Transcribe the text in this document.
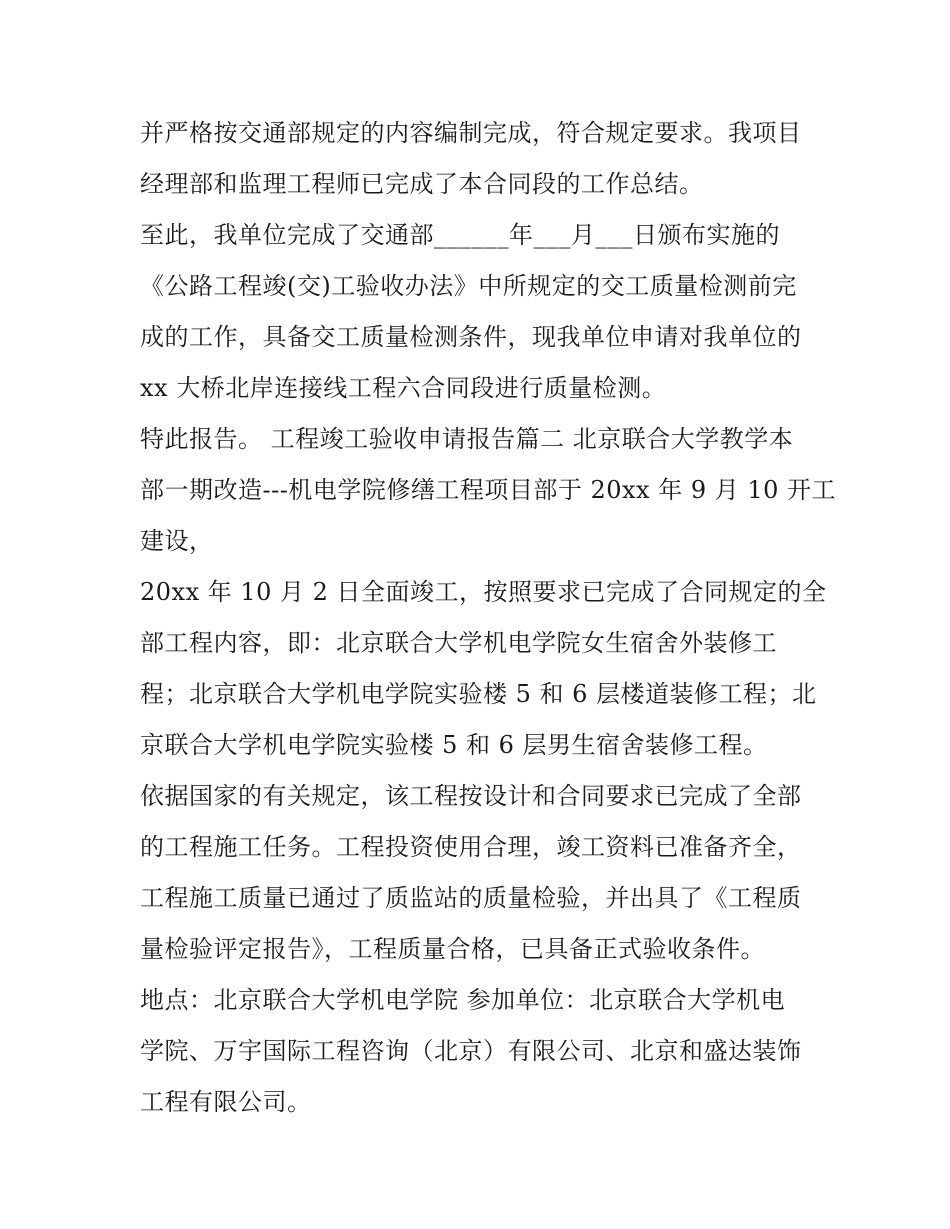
并严格按交通部规定的内容编制完成，符合规定要求。我项目
经理部和监理工程师已完成了本合同段的工作总结。
至此，我单位完成了交通部______年___月___日颁布实施的
《公路工程竣(交)工验收办法》中所规定的交工质量检测前完
成的工作，具备交工质量检测条件，现我单位申请对我单位的
xx 大桥北岸连接线工程六合同段进行质量检测。
特此报告。 工程竣工验收申请报告篇二 北京联合大学教学本
部一期改造---机电学院修缮工程项目部于 20xx 年 9 月 10 开工
建设，
20xx 年 10 月 2 日全面竣工，按照要求已完成了合同规定的全
部工程内容，即：北京联合大学机电学院女生宿舍外装修工
程；北京联合大学机电学院实验楼 5 和 6 层楼道装修工程；北
京联合大学机电学院实验楼 5 和 6 层男生宿舍装修工程。
依据国家的有关规定，该工程按设计和合同要求已完成了全部
的工程施工任务。工程投资使用合理，竣工资料已准备齐全，
工程施工质量已通过了质监站的质量检验，并出具了《工程质
量检验评定报告》，工程质量合格，已具备正式验收条件。
地点：北京联合大学机电学院 参加单位：北京联合大学机电
学院、万宇国际工程咨询（北京）有限公司、北京和盛达装饰
工程有限公司。
